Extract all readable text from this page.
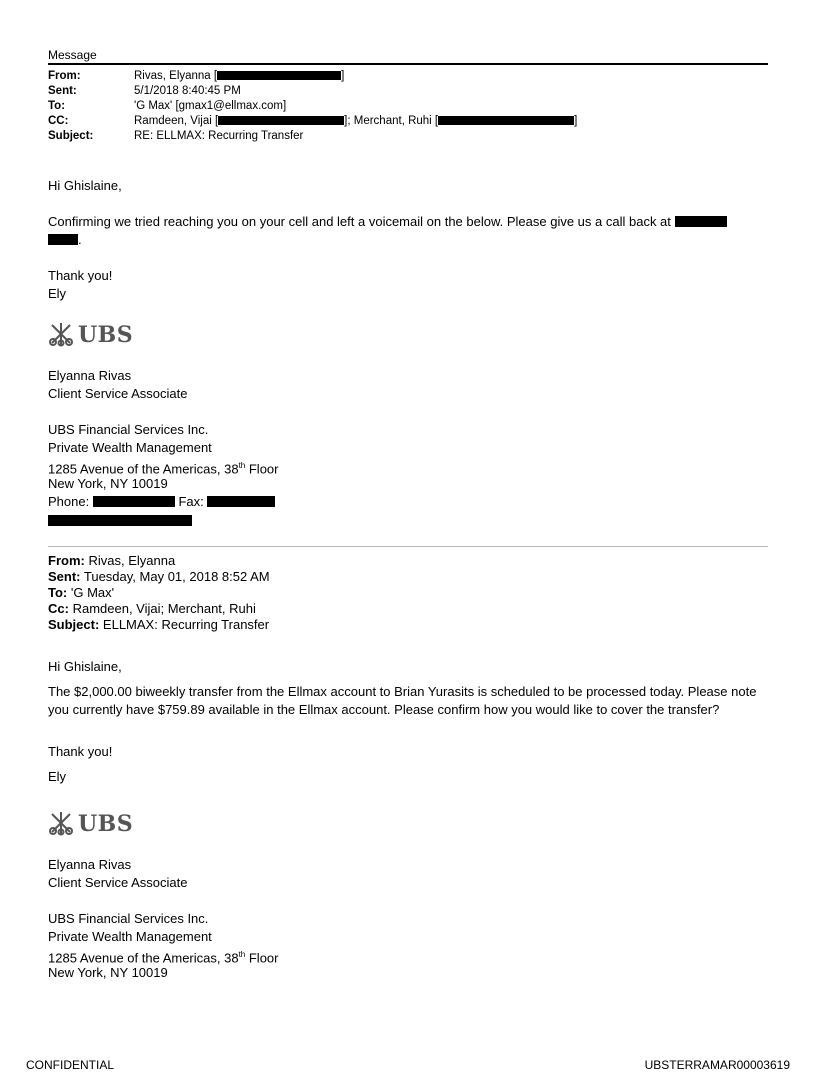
Message
From:	Rivas, Elyanna [	]
Sent:	5/1/2018 8:40:45 PM
To:	'G Max' [gmax1@ellmax.com]
CC:	Ramdeen, Vijai [	]; Merchant, Ruhi [	]
Subject:	RE: ELLMAX: Recurring Transfer
Hi Ghislaine,
Confirming we tried reaching you on your cell and left a voicemail on the below. Please give us a call back at
.
Thank you!
Ely
UBS
Elyanna Rivas
Client Service Associate
UBS Financial Services Inc.
Private Wealth Management
1285 Avenue of the Americas, 38th Floor
New York, NY 10019
Phone:	Fax:
From: Rivas, Elyanna
Sent: Tuesday, May 01, 2018 8:52 AM
To: 'G Max'
Cc: Ramdeen, Vijai; Merchant, Ruhi
Subject: ELLMAX: Recurring Transfer
Hi Ghislaine,
The $2,000.00 biweekly transfer from the Ellmax account to Brian Yurasits is scheduled to be processed today. Please note you currently have $759.89 available in the Ellmax account. Please confirm how you would like to cover the transfer?
Thank you!
Ely
UBS
Elyanna Rivas
Client Service Associate
UBS Financial Services Inc.
Private Wealth Management
1285 Avenue of the Americas, 38th Floor
New York, NY 10019
CONFIDENTIAL	UBSTERRAMAR00003619
